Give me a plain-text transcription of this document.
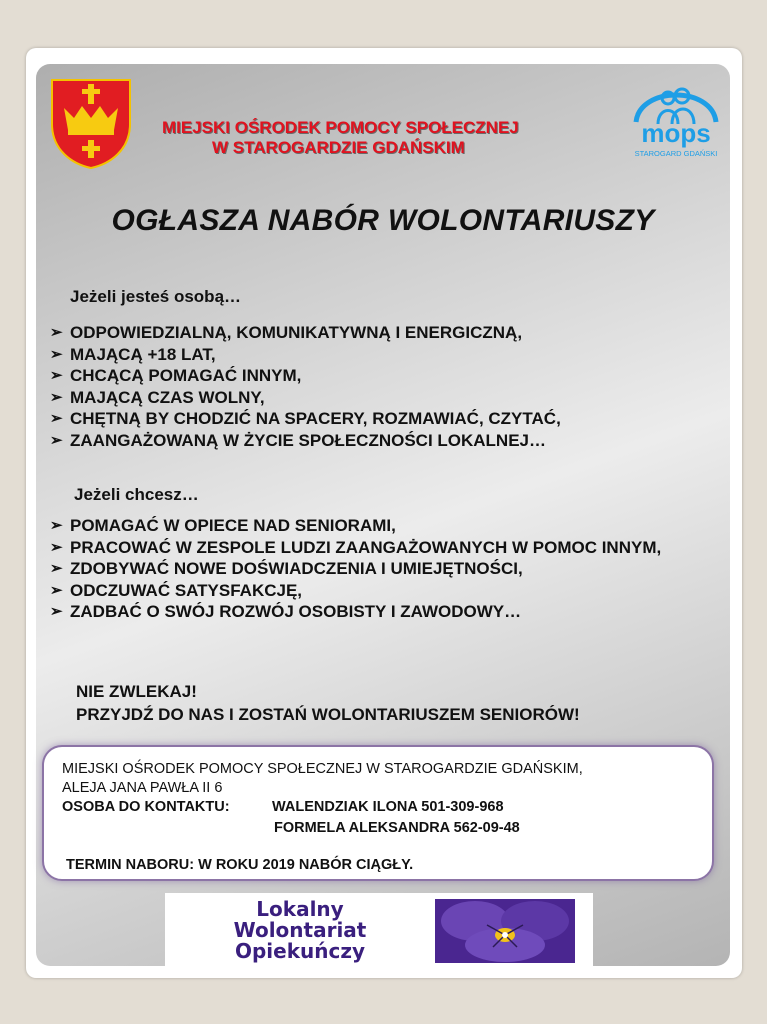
mops
STAROGARD GDAŃSKI
MIEJSKI OŚRODEK POMOCY SPOŁECZNEJ
W STAROGARDZIE GDAŃSKIM
OGŁASZA NABÓR WOLONTARIUSZY
Jeżeli jesteś osobą…
➢ ODPOWIEDZIALNĄ, KOMUNIKATYWNĄ I ENERGICZNĄ,
➢ MAJĄCĄ +18 LAT,
➢ CHCĄCĄ POMAGAĆ INNYM,
➢ MAJĄCĄ CZAS WOLNY,
➢ CHĘTNĄ BY CHODZIĆ NA SPACERY, ROZMAWIAĆ, CZYTAĆ,
➢ ZAANGAŻOWANĄ W ŻYCIE SPOŁECZNOŚCI LOKALNEJ…
Jeżeli chcesz…
➢ POMAGAĆ W OPIECE NAD SENIORAMI,
➢ PRACOWAĆ W ZESPOLE LUDZI ZAANGAŻOWANYCH W POMOC INNYM,
➢ ZDOBYWAĆ NOWE DOŚWIADCZENIA I UMIEJĘTNOŚCI,
➢ ODCZUWAĆ SATYSFAKCJĘ,
➢ ZADBAĆ O SWÓJ ROZWÓJ OSOBISTY I ZAWODOWY…
NIE ZWLEKAJ!
PRZYJDŹ DO NAS I ZOSTAŃ WOLONTARIUSZEM SENIORÓW!
MIEJSKI OŚRODEK POMOCY SPOŁECZNEJ W STAROGARDZIE GDAŃSKIM,
ALEJA JANA PAWŁA II 6
OSOBA DO KONTAKTU:	WALENDZIAK ILONA 501-309-968
FORMELA ALEKSANDRA 562-09-48
TERMIN NABORU: W ROKU 2019 NABÓR CIĄGŁY.
Lokalny
Wolontariat
Opiekuńczy
